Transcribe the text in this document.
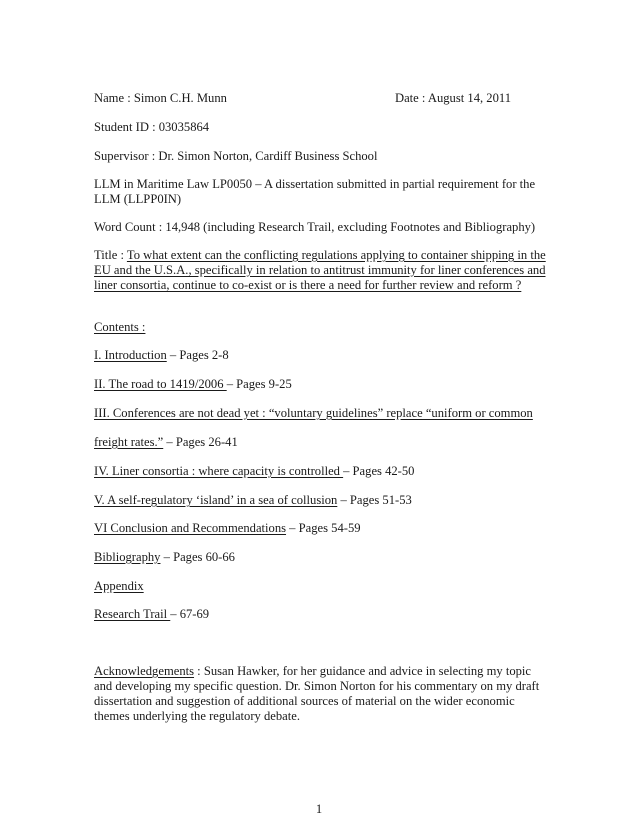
Name : Simon C.H. Munn	Date : August 14, 2011
Student ID : 03035864
Supervisor : Dr. Simon Norton, Cardiff Business School
LLM in Maritime Law LP0050 – A dissertation submitted in partial requirement for the
LLM (LLPP0IN)
Word Count : 14,948 (including Research Trail, excluding Footnotes and Bibliography)
Title : To what extent can the conflicting regulations applying to container shipping in the
EU and the U.S.A., specifically in relation to antitrust immunity for liner conferences and
liner consortia, continue to co-exist or is there a need for further review and reform ?
Contents :
I. Introduction – Pages 2-8
II. The road to 1419/2006 – Pages 9-25
III. Conferences are not dead yet : “voluntary guidelines” replace “uniform or common
freight rates.” – Pages 26-41
IV. Liner consortia : where capacity is controlled – Pages 42-50
V. A self-regulatory ‘island’ in a sea of collusion – Pages 51-53
VI Conclusion and Recommendations – Pages 54-59
Bibliography – Pages 60-66
Appendix
Research Trail – 67-69
Acknowledgements : Susan Hawker, for her guidance and advice in selecting my topic
and developing my specific question. Dr. Simon Norton for his commentary on my draft
dissertation and suggestion of additional sources of material on the wider economic
themes underlying the regulatory debate.
1
